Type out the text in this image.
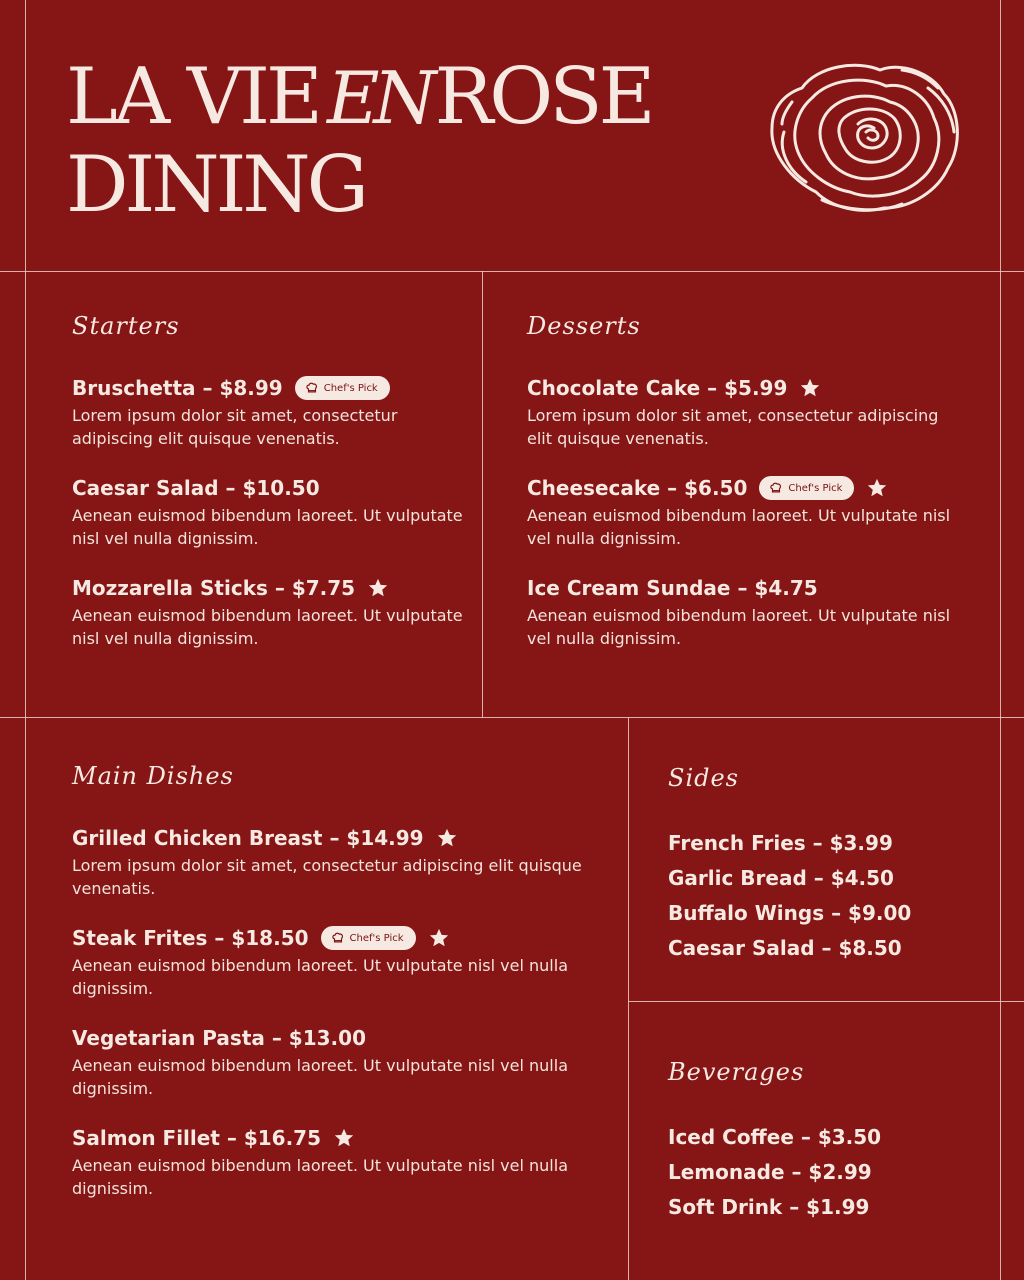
LA VIE ENROSE
DINING
Starters
Bruschetta – $8.99	Chef's Pick
Lorem ipsum dolor sit amet, consectetur adipiscing elit quisque venenatis.
Caesar Salad – $10.50
Aenean euismod bibendum laoreet. Ut vulputate nisl vel nulla dignissim.
Mozzarella Sticks – $7.75
Aenean euismod bibendum laoreet. Ut vulputate nisl vel nulla dignissim.
Desserts
Chocolate Cake – $5.99
Lorem ipsum dolor sit amet, consectetur adipiscing elit quisque venenatis.
Cheesecake – $6.50	Chef's Pick
Aenean euismod bibendum laoreet. Ut vulputate nisl vel nulla dignissim.
Ice Cream Sundae – $4.75
Aenean euismod bibendum laoreet. Ut vulputate nisl vel nulla dignissim.
Main Dishes
Grilled Chicken Breast – $14.99
Lorem ipsum dolor sit amet, consectetur adipiscing elit quisque venenatis.
Steak Frites – $18.50	Chef's Pick
Aenean euismod bibendum laoreet. Ut vulputate nisl vel nulla dignissim.
Vegetarian Pasta – $13.00
Aenean euismod bibendum laoreet. Ut vulputate nisl vel nulla dignissim.
Salmon Fillet – $16.75
Aenean euismod bibendum laoreet. Ut vulputate nisl vel nulla dignissim.
Sides
French Fries – $3.99
Garlic Bread – $4.50
Buffalo Wings – $9.00
Caesar Salad – $8.50
Beverages
Iced Coffee – $3.50
Lemonade – $2.99
Soft Drink – $1.99
